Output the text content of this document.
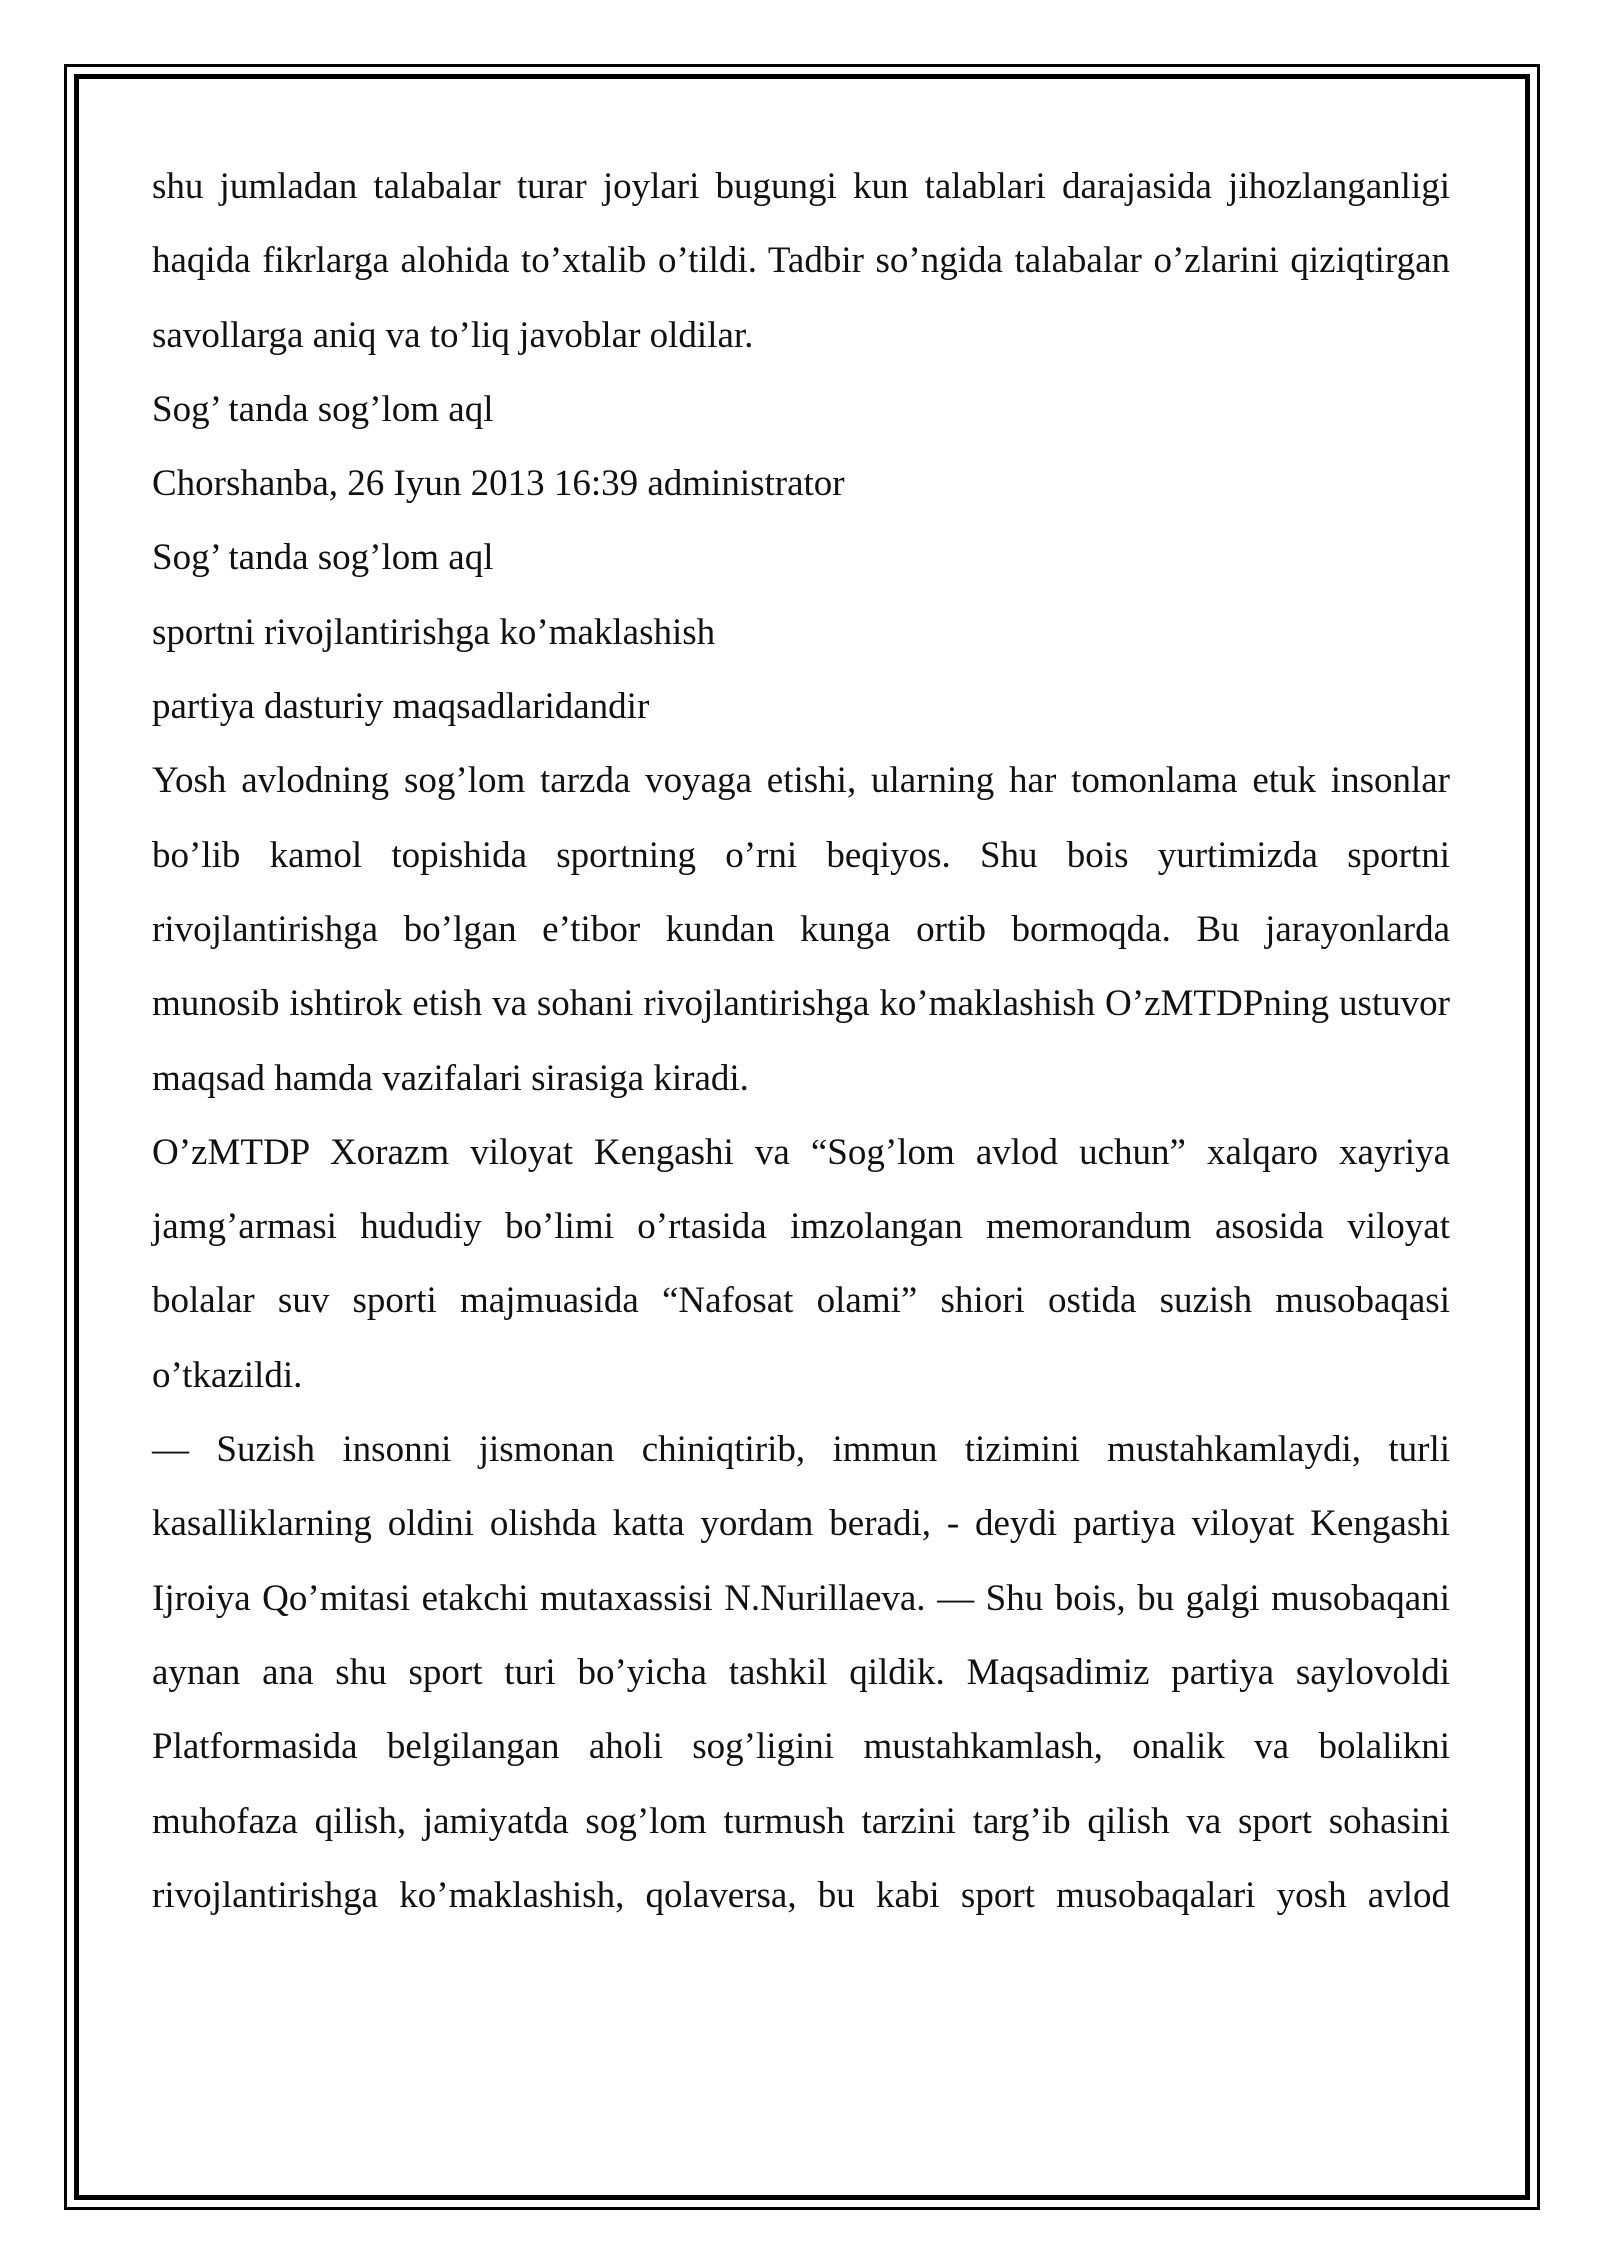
shu jumladan talabalar turar joylari bugungi kun talablari darajasida jihozlanganligi haqida fikrlarga alohida to’xtalib o’tildi. Tadbir so’ngida talabalar o’zlarini qiziqtirgan savollarga aniq va to’liq javoblar oldilar.

Sog’ tanda sog’lom aql

Chorshanba, 26 Iyun 2013 16:39 administrator

Sog’ tanda sog’lom aql

sportni rivojlantirishga ko’maklashish

partiya dasturiy maqsadlaridandir

Yosh avlodning sog’lom tarzda voyaga etishi, ularning har tomonlama etuk insonlar bo’lib kamol topishida sportning o’rni beqiyos. Shu bois yurtimizda sportni rivojlantirishga bo’lgan e’tibor kundan kunga ortib bormoqda. Bu jarayonlarda munosib ishtirok etish va sohani rivojlantirishga ko’maklashish O’zMTDPning ustuvor maqsad hamda vazifalari sirasiga kiradi.

O’zMTDP Xorazm viloyat Kengashi va “Sog’lom avlod uchun” xalqaro xayriya jamg’armasi hududiy bo’limi o’rtasida imzolangan memorandum asosida viloyat bolalar suv sporti majmuasida “Nafosat olami” shiori ostida suzish musobaqasi o’tkazildi.

— Suzish insonni jismonan chiniqtirib, immun tizimini mustahkamlaydi, turli kasalliklarning oldini olishda katta yordam beradi, - deydi partiya viloyat Kengashi Ijroiya Qo’mitasi etakchi mutaxassisi N.Nurillaeva. — Shu bois, bu galgi musobaqani aynan ana shu sport turi bo’yicha tashkil qildik. Maqsadimiz partiya saylovoldi Platformasida belgilangan aholi sog’ligini mustahkamlash, onalik va bolalikni muhofaza qilish, jamiyatda sog’lom turmush tarzini targ’ib qilish va sport sohasini rivojlantirishga ko’maklashish, qolaversa, bu kabi sport musobaqalari yosh avlod
